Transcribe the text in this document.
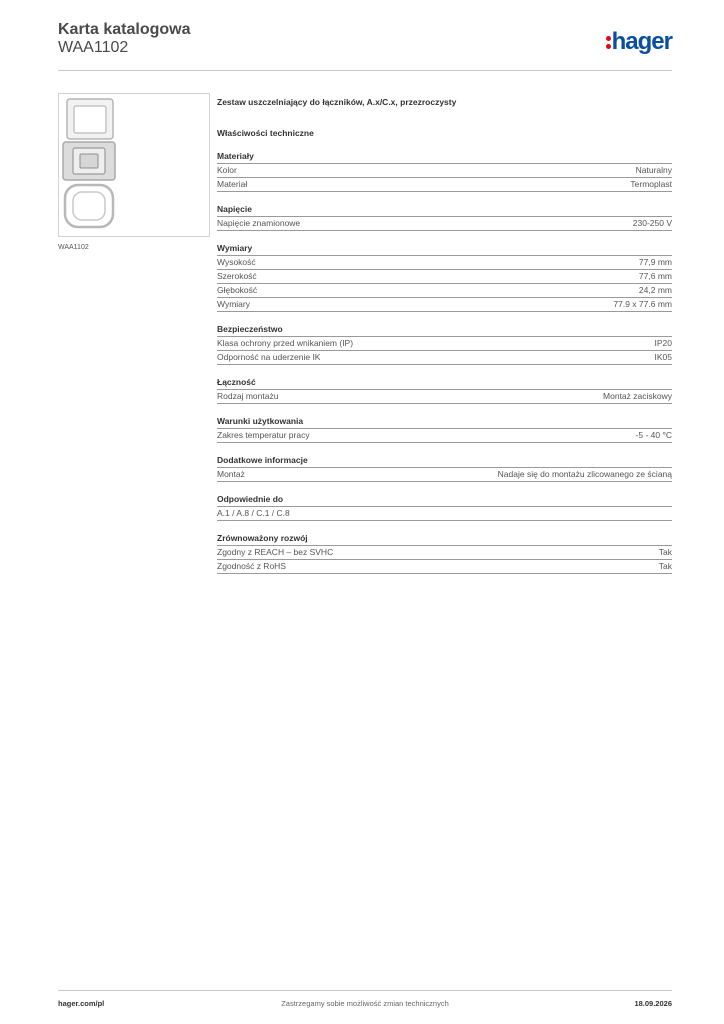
Karta katalogowa
WAA1102	hager
WAA1102
Zestaw uszczelniający do łączników, A.x/C.x, przezroczysty
Właściwości techniczne
Materiały
Kolor	Naturalny
Materiał	Termoplast
Napięcie
Napięcie znamionowe	230-250 V
Wymiary
Wysokość	77,9 mm
Szerokość	77,6 mm
Głębokość	24,2 mm
Wymiary	77.9 x 77.6 mm
Bezpieczeństwo
Klasa ochrony przed wnikaniem (IP)	IP20
Odporność na uderzenie IK	IK05
Łączność
Rodzaj montażu	Montaż zaciskowy
Warunki użytkowania
Zakres temperatur pracy	-5 - 40 °C
Dodatkowe informacje
Montaż	Nadaje się do montażu zlicowanego ze ścianą
Odpowiednie do
A.1 / A.8 / C.1 / C.8
Zrównoważony rozwój
Zgodny z REACH – bez SVHC	Tak
Zgodność z RoHS	Tak
hager.com/pl	Zastrzegamy sobie możliwość zmian technicznych	18.09.2026
